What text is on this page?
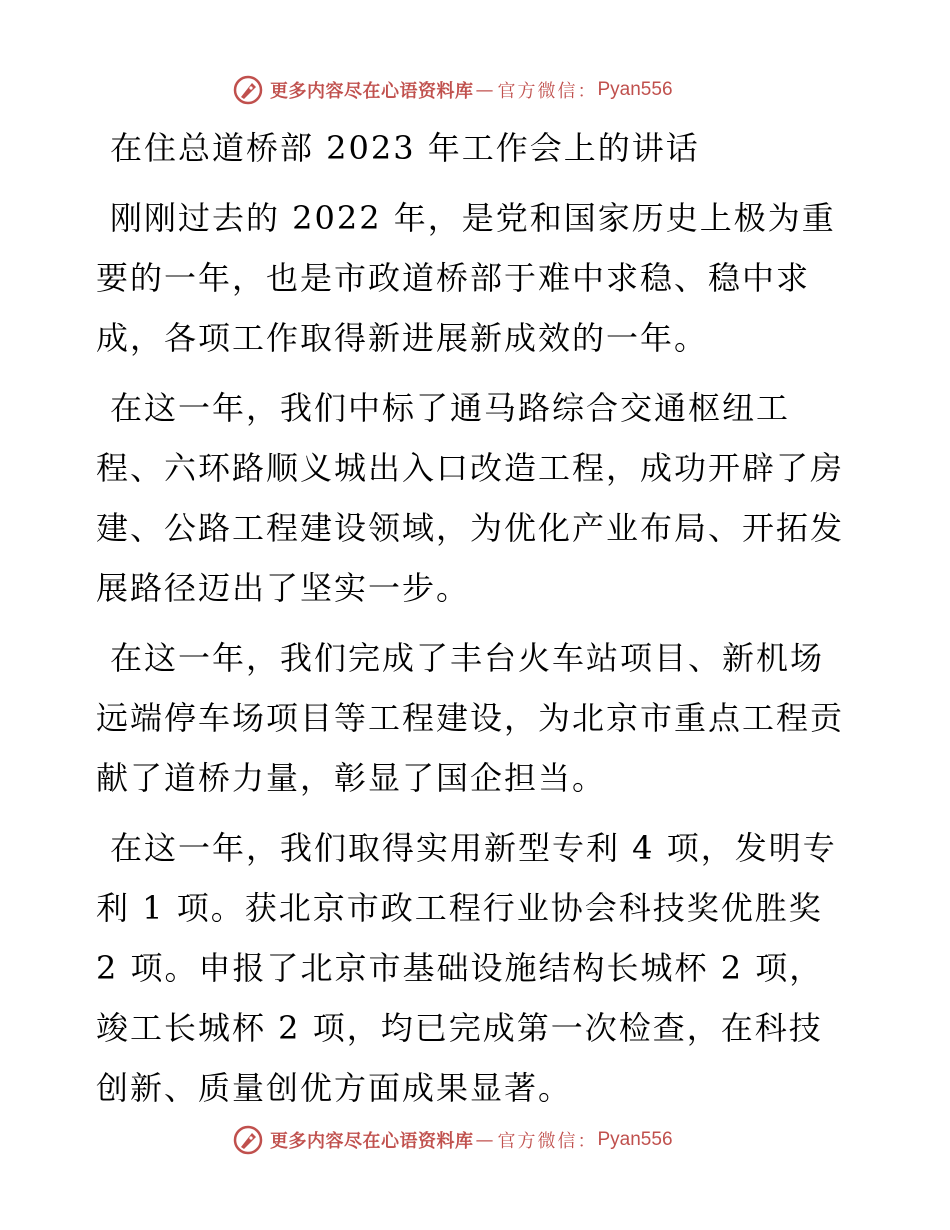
更多内容尽在心语资料库 — 官方微信： Pyan556
在住总道桥部 2023 年工作会上的讲话

刚刚过去的 2022 年，是党和国家历史上极为重要的一年，也是市政道桥部于难中求稳、稳中求成，各项工作取得新进展新成效的一年。

在这一年，我们中标了通马路综合交通枢纽工程、六环路顺义城出入口改造工程，成功开辟了房建、公路工程建设领域，为优化产业布局、开拓发展路径迈出了坚实一步。

在这一年，我们完成了丰台火车站项目、新机场远端停车场项目等工程建设，为北京市重点工程贡献了道桥力量，彰显了国企担当。

在这一年，我们取得实用新型专利 4 项，发明专利 1 项。获北京市政工程行业协会科技奖优胜奖 2 项。申报了北京市基础设施结构长城杯 2 项，竣工长城杯 2 项，均已完成第一次检查，在科技创新、质量创优方面成果显著。

更多内容尽在心语资料库 — 官方微信： Pyan556
